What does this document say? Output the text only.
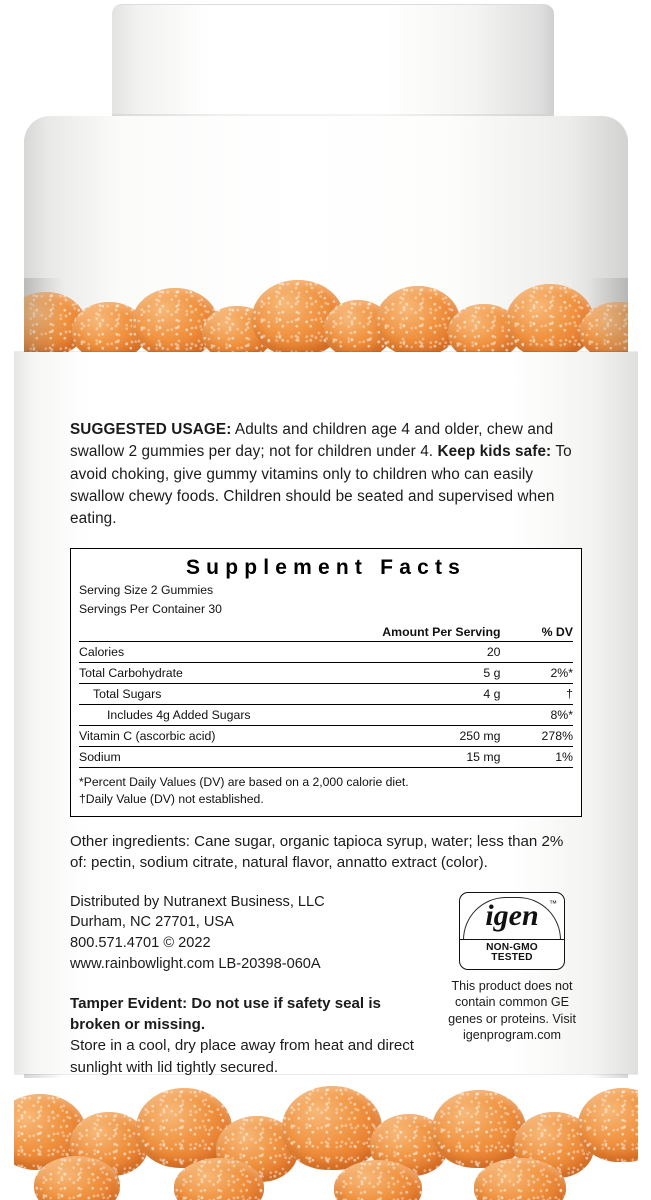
SUGGESTED USAGE: Adults and children age 4 and older, chew and swallow 2 gummies per day; not for children under 4. Keep kids safe: To avoid choking, give gummy vitamins only to children who can easily swallow chewy foods. Children should be seated and supervised when eating.

Supplement Facts
Serving Size 2 Gummies
Servings Per Container 30
	Amount Per Serving	% DV
Calories	20	
Total Carbohydrate	5 g	2%*
Total Sugars	4 g	†
Includes 4g Added Sugars		8%*
Vitamin C (ascorbic acid)	250 mg	278%
Sodium	15 mg	1%
*Percent Daily Values (DV) are based on a 2,000 calorie diet.
†Daily Value (DV) not established.

Other ingredients: Cane sugar, organic tapioca syrup, water; less than 2% of: pectin, sodium citrate, natural flavor, annatto extract (color).

Distributed by Nutranext Business, LLC
Durham, NC 27701, USA
800.571.4701 © 2022
www.rainbowlight.com LB-20398-060A
Tamper Evident: Do not use if safety seal is broken or missing.
Store in a cool, dry place away from heat and direct sunlight with lid tightly secured.
™
igen
NON-GMO
TESTED
This product does not contain common GE genes or proteins. Visit igenprogram.com
